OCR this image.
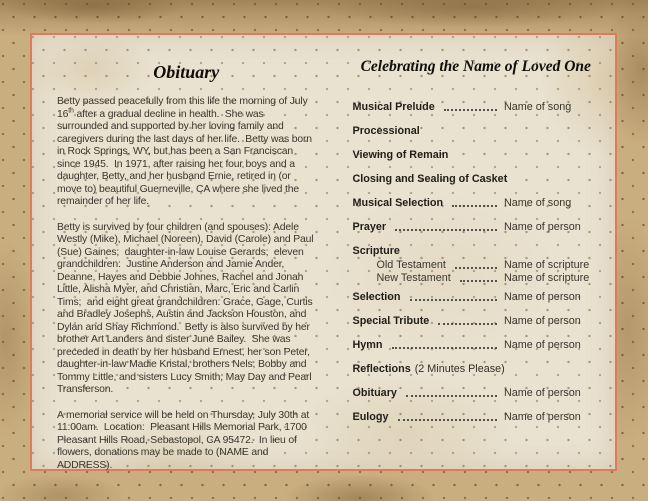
Obituary

Betty passed peacefully from this life the morning of July 16th after a gradual decline in health.  She was surrounded and supported by her loving family and caregivers during the last days of her life.  Betty was born in Rock Springs, WY, but has been a San Franciscan since 1945.  In 1971, after raising her four boys and a daughter, Betty, and her husband Ernie, retired in (or move to) beautiful Guerneville, CA where she lived the remainder of her life.

Betty is survived by four children (and spouses): Adele Westly (Mike), Michael (Noreen), David (Carole) and Paul (Sue) Gaines;  daughter-in-law Louise Gerards;  eleven grandchildren:  Justine Anderson and Jamie Ander, Deanne, Hayes and Debbie Johnes, Rachel and Jonah Little, Alisha Myer, and Christian, Marc, Eric and Carlin Tims;  and eight great grandchildren: Grace, Gage, Curtis and Bradley Josephs, Austin and Jackson Houston, and Dylan and Shay Richmond.  Betty is also survived by her brother Art Landers and sister June Bailey.  She was preceded in death by her husband Ernest, her son Peter, daughter-in-law Madie Kristal, brothers Nels, Bobby and Tommy Little, and sisters Lucy Smith, May Day and Pearl Transferson.

A memorial service will be held on Thursday, July 30th at 11:00am.  Location:  Pleasant Hills Memorial Park, 1700 Pleasant Hills Road, Sebastopol, CA 95472.  In lieu of flowers, donations may be made to (NAME and ADDRESS).

Celebrating the Name of Loved One
Musical Prelude	Name of song
Processional
Viewing of Remain
Closing and Sealing of Casket
Musical Selection	Name of song
Prayer	Name of person
Scripture
Old Testament	Name of scripture
New Testament	Name of scripture
Selection	Name of person
Special Tribute	Name of person
Hymn	Name of person
Reflections (2 Minutes Please)
Obituary	Name of person
Eulogy	Name of person
